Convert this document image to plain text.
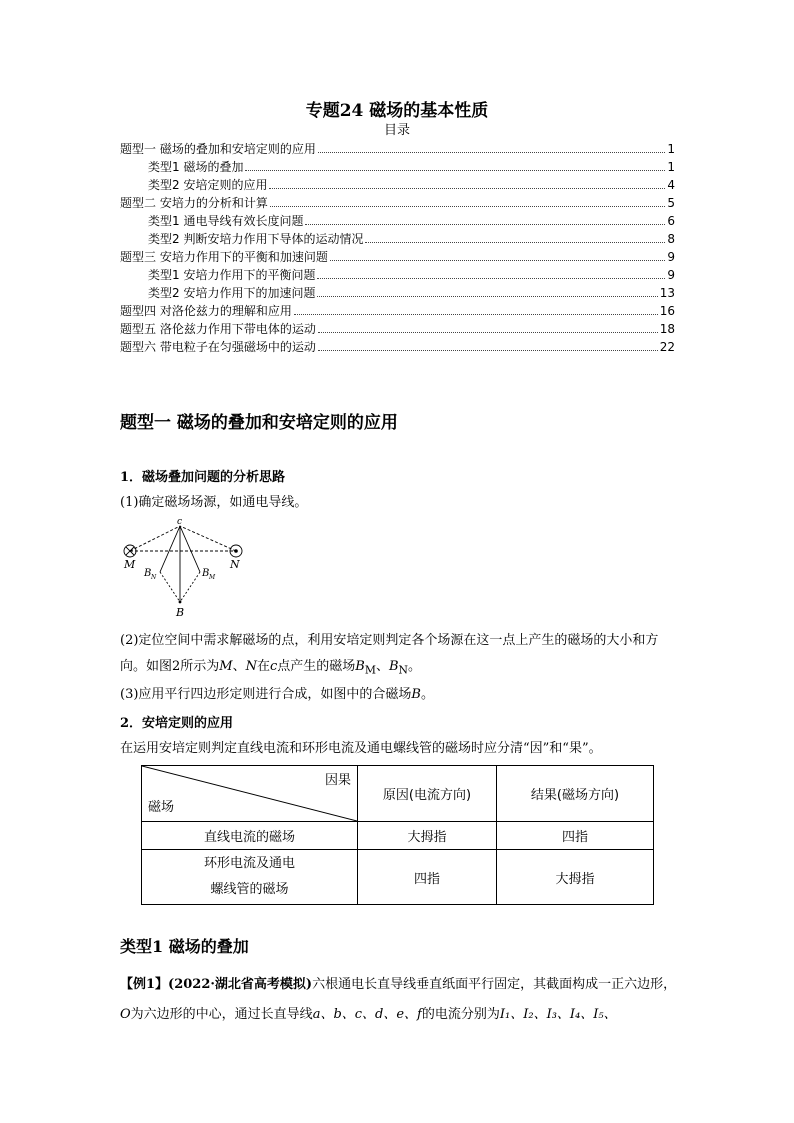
专题24 磁场的基本性质
目录
题型一 磁场的叠加和安培定则的应用	1
类型1 磁场的叠加	1
类型2 安培定则的应用	4
题型二 安培力的分析和计算	5
类型1 通电导线有效长度问题	6
类型2 判断安培力作用下导体的运动情况	8
题型三 安培力作用下的平衡和加速问题	9
类型1 安培力作用下的平衡问题	9
类型2 安培力作用下的加速问题	13
题型四 对洛伦兹力的理解和应用	16
题型五 洛伦兹力作用下带电体的运动	18
题型六 带电粒子在匀强磁场中的运动	22
题型一 磁场的叠加和安培定则的应用
1．磁场叠加问题的分析思路
(1)确定磁场场源，如通电导线。
c
M	N
B N	B M
B
(2)定位空间中需求解磁场的点，利用安培定则判定各个场源在这一点上产生的磁场的大小和方向。如图2所示为M、N在c点产生的磁场$B_M$、$B_N$。
(3)应用平行四边形定则进行合成，如图中的合磁场B。
2．安培定则的应用
在运用安培定则判定直线电流和环形电流及通电螺线管的磁场时应分清“因”和“果”。
因果
磁场	原因(电流方向)	结果(磁场方向)
直线电流的磁场	大拇指	四指
环形电流及通电
螺线管的磁场	四指	大拇指
类型1 磁场的叠加
【例1】(2022·湖北省高考模拟)六根通电长直导线垂直纸面平行固定，其截面构成一正六边形，O为六边形的中心，通过长直导线a、b、c、d、e、f的电流分别为I₁、I₂、I₃、I₄、I₅、
